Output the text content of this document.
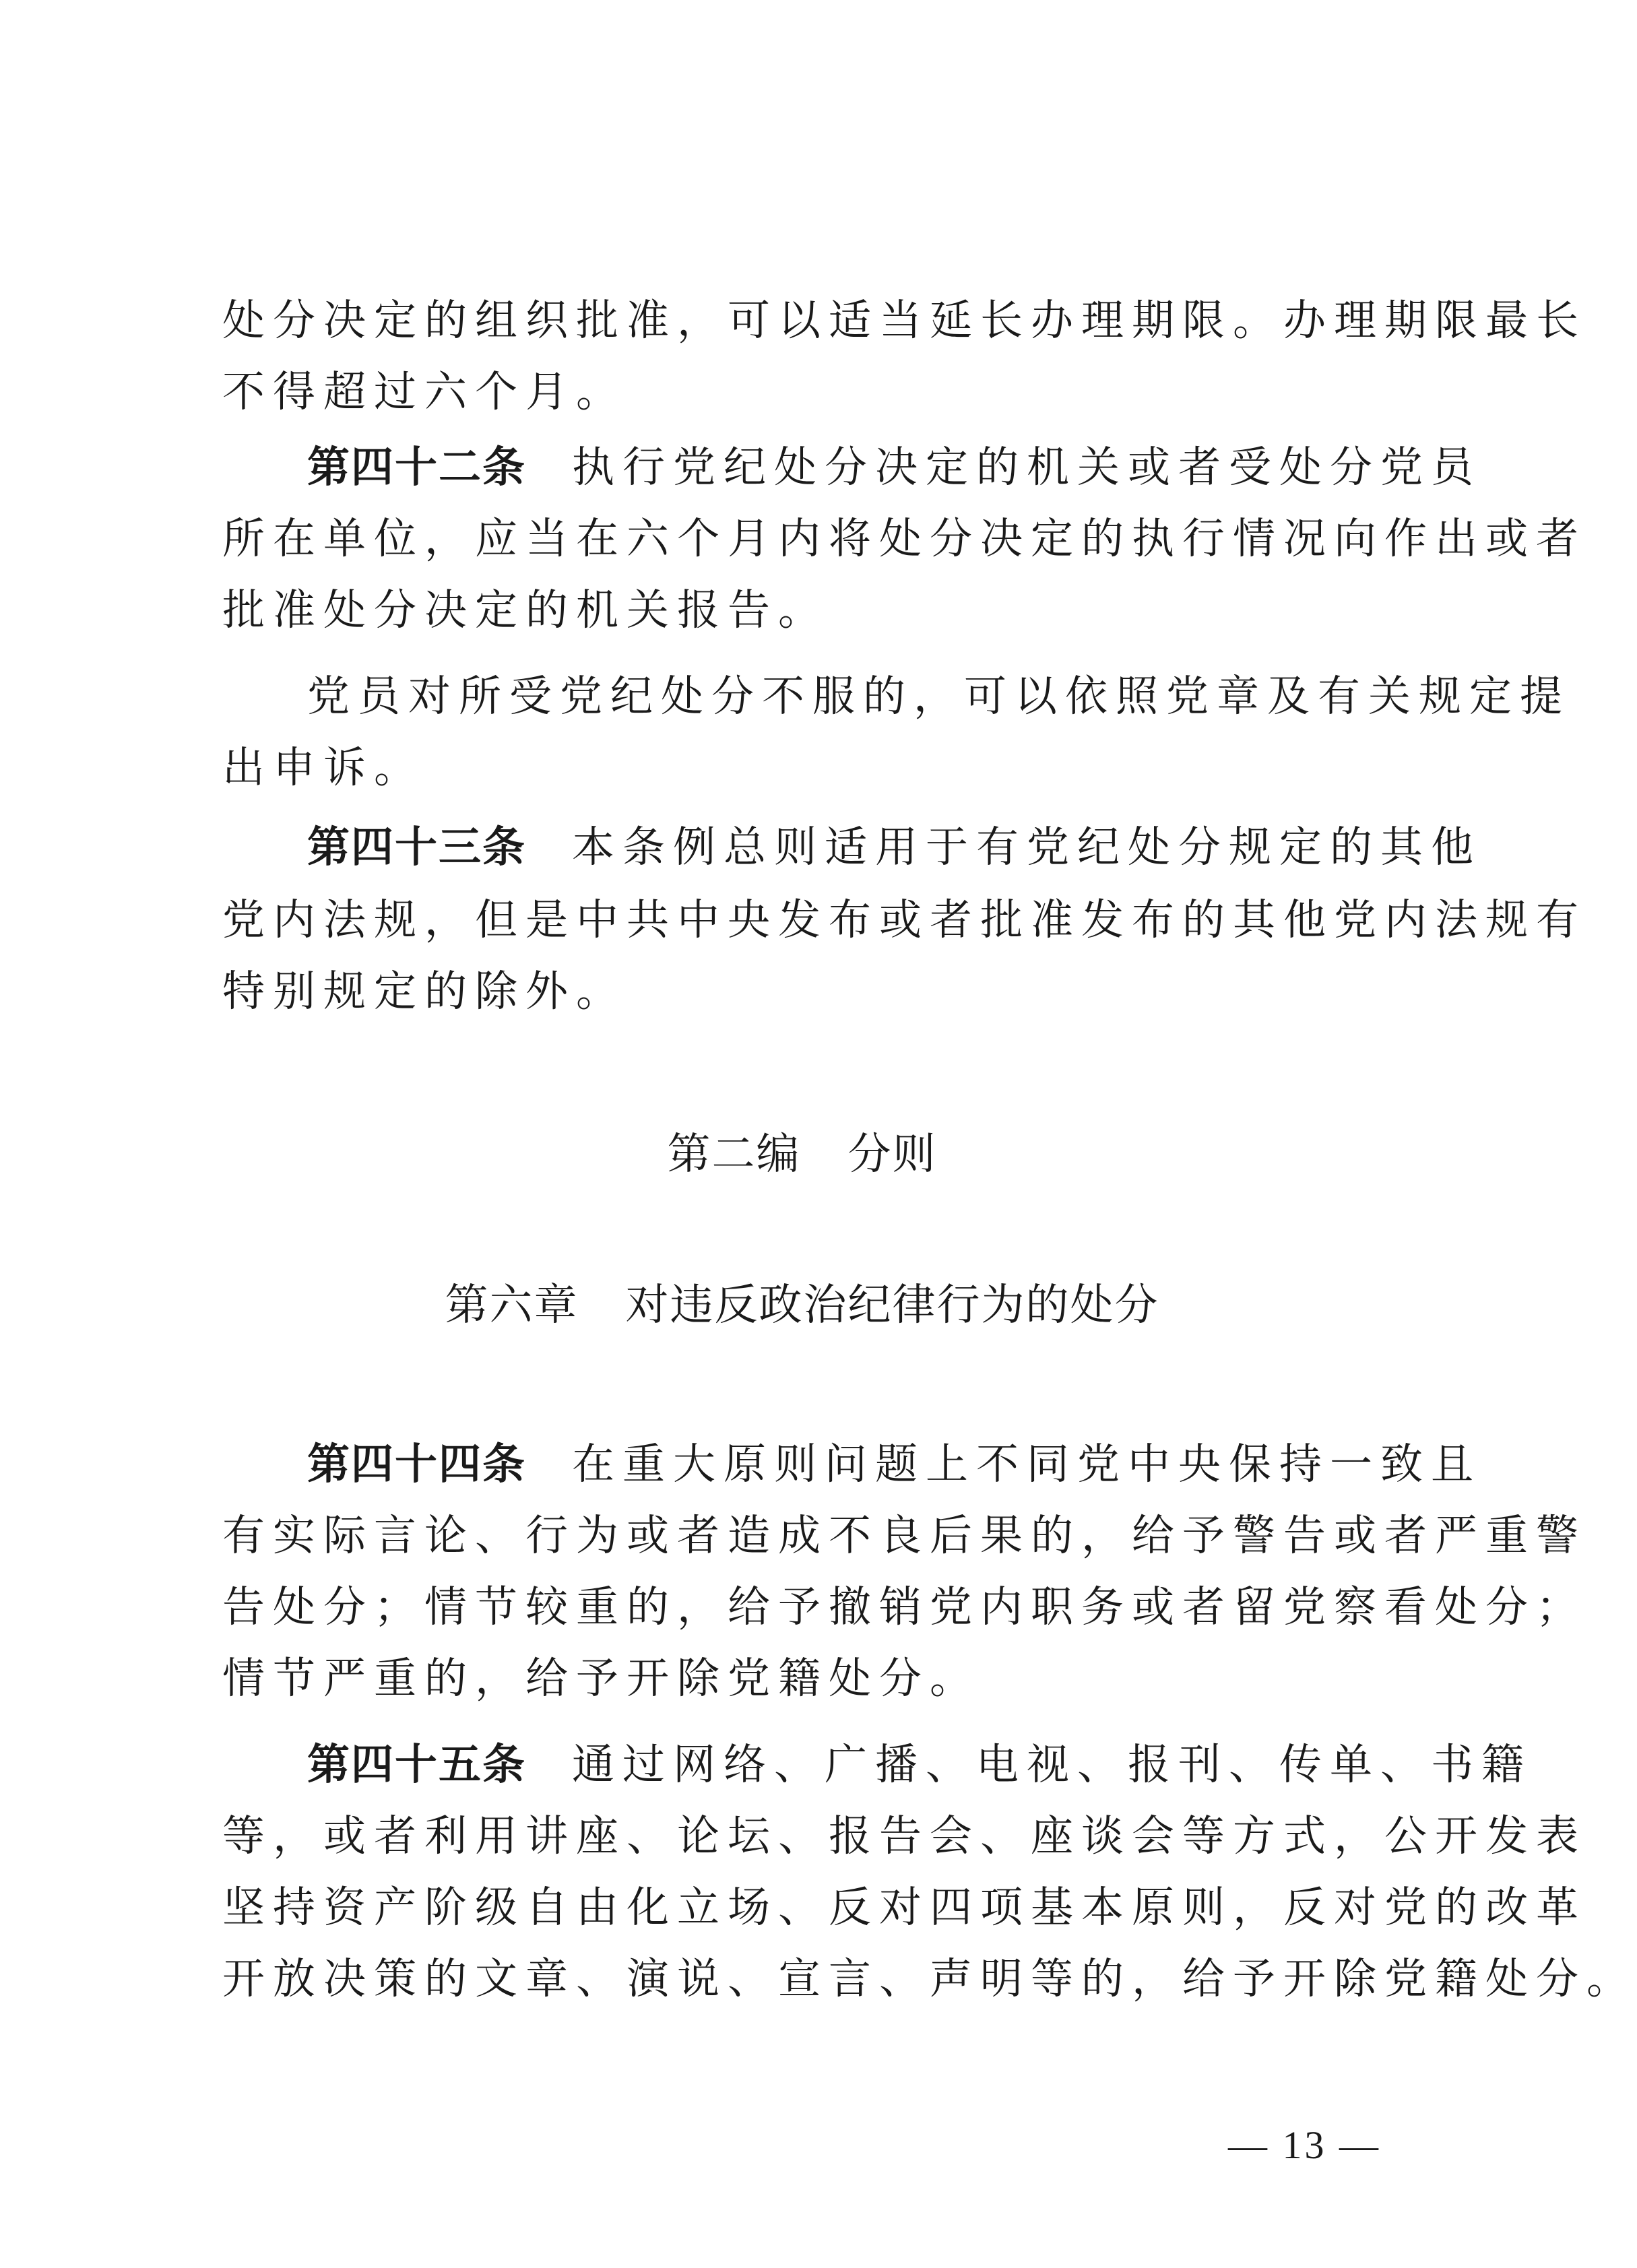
处分决定的组织批准，可以适当延长办理期限。办理期限最长
不得超过六个月。
第四十二条 执行党纪处分决定的机关或者受处分党员
所在单位，应当在六个月内将处分决定的执行情况向作出或者
批准处分决定的机关报告。
党员对所受党纪处分不服的，可以依照党章及有关规定提
出申诉。
第四十三条 本条例总则适用于有党纪处分规定的其他
党内法规，但是中共中央发布或者批准发布的其他党内法规有
特别规定的除外。
第二编 分则
第六章 对违反政治纪律行为的处分
第四十四条 在重大原则问题上不同党中央保持一致且
有实际言论、行为或者造成不良后果的，给予警告或者严重警
告处分；情节较重的，给予撤销党内职务或者留党察看处分；
情节严重的，给予开除党籍处分。
第四十五条 通过网络、广播、电视、报刊、传单、书籍
等，或者利用讲座、论坛、报告会、座谈会等方式，公开发表
坚持资产阶级自由化立场、反对四项基本原则，反对党的改革
开放决策的文章、演说、宣言、声明等的，给予开除党籍处分。
— 13 —
